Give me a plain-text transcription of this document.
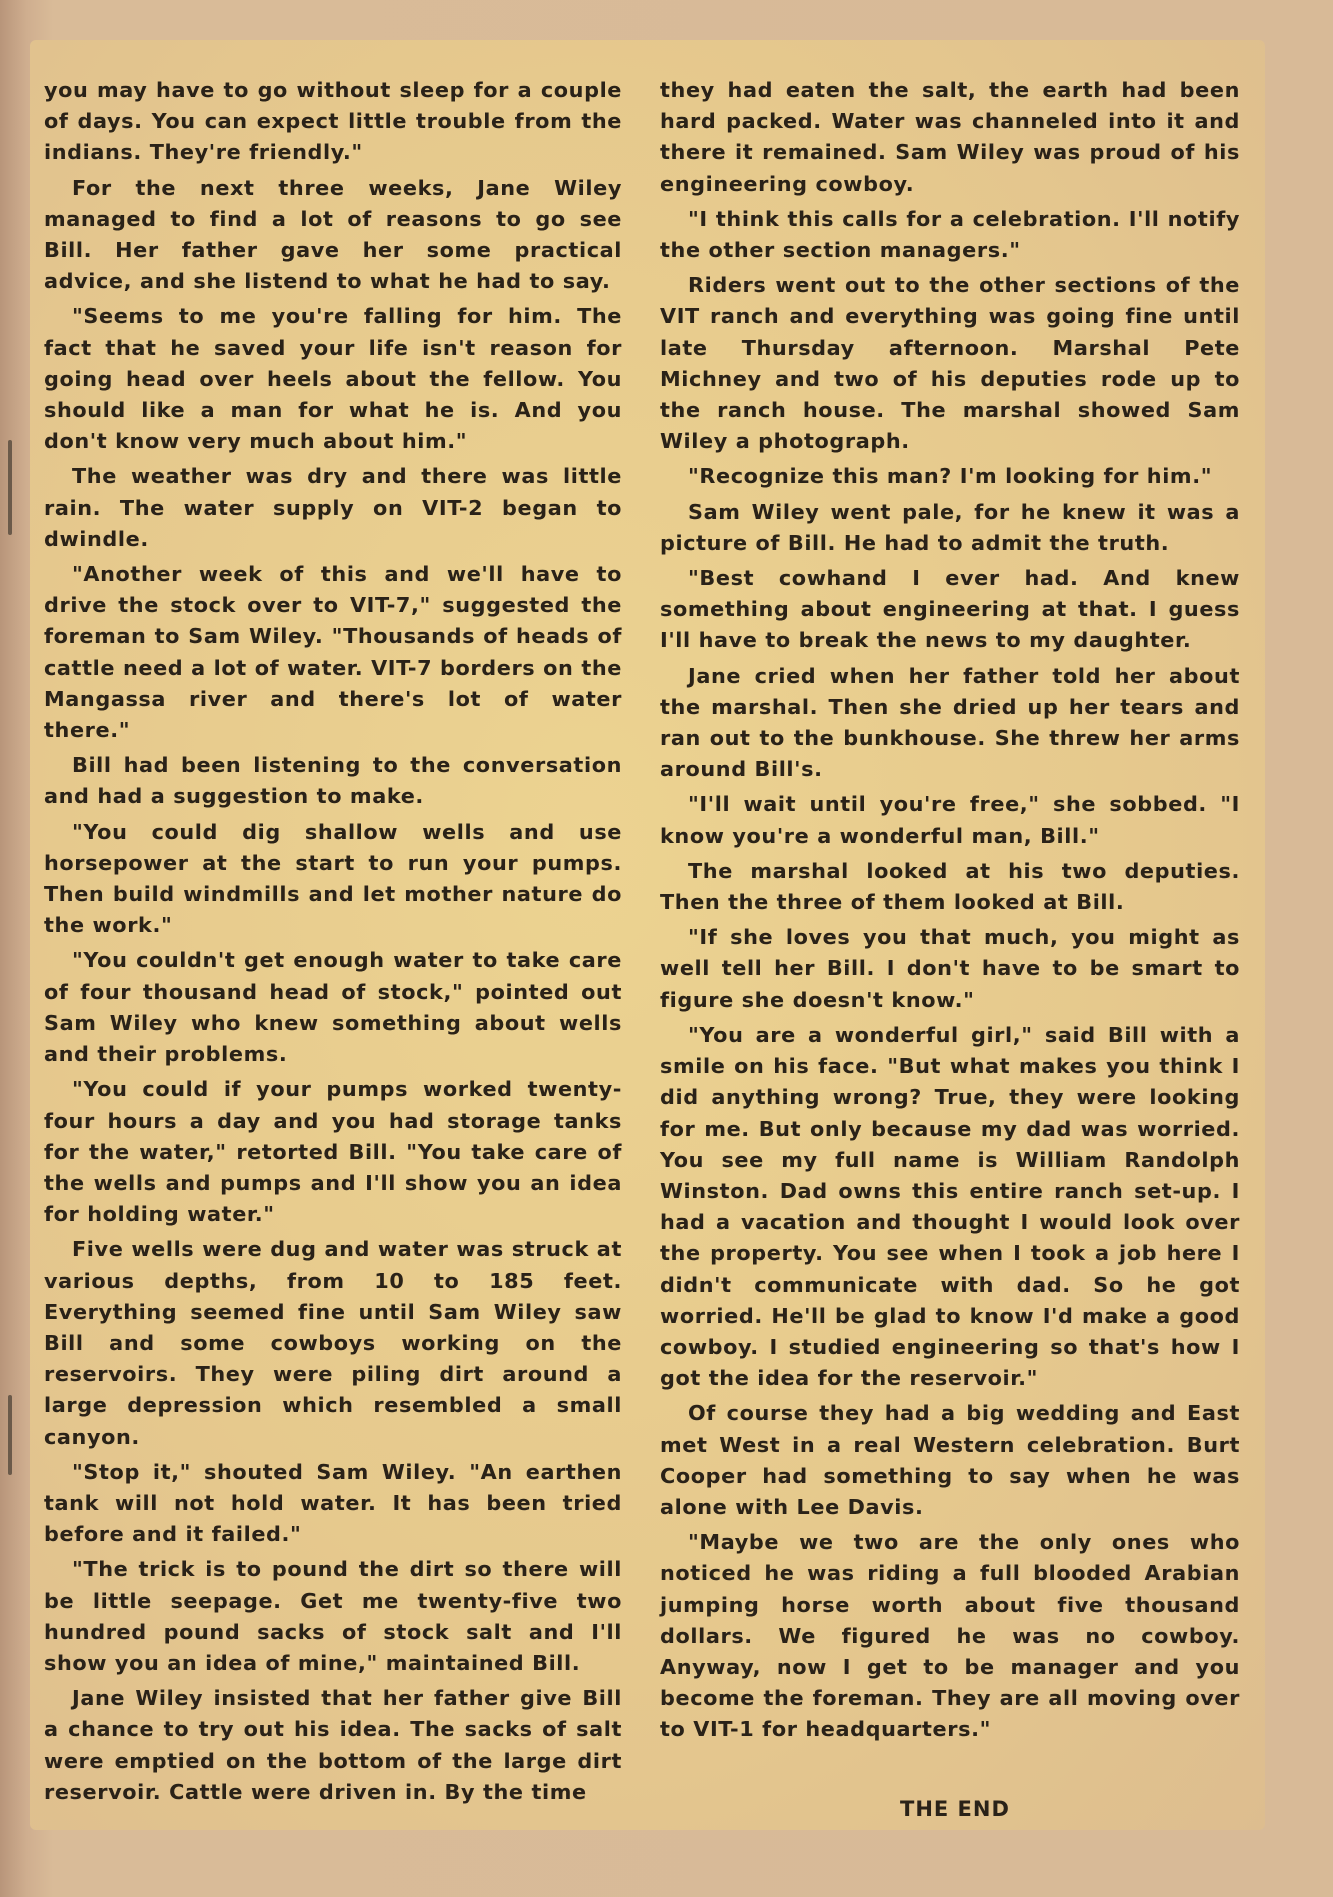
you may have to go without sleep for a couple of days. You can expect little trouble from the indians. They're friendly."

For the next three weeks, Jane Wiley managed to find a lot of reasons to go see Bill. Her father gave her some practical advice, and she listend to what he had to say.

"Seems to me you're falling for him. The fact that he saved your life isn't reason for going head over heels about the fellow. You should like a man for what he is. And you don't know very much about him."

The weather was dry and there was little rain. The water supply on VIT-2 began to dwindle.

"Another week of this and we'll have to drive the stock over to VIT-7," suggested the foreman to Sam Wiley. "Thousands of heads of cattle need a lot of water. VIT-7 borders on the Mangassa river and there's lot of water there."

Bill had been listening to the conversation and had a suggestion to make.

"You could dig shallow wells and use horsepower at the start to run your pumps. Then build windmills and let mother nature do the work."

"You couldn't get enough water to take care of four thousand head of stock," pointed out Sam Wiley who knew something about wells and their problems.

"You could if your pumps worked twenty-four hours a day and you had storage tanks for the water," retorted Bill. "You take care of the wells and pumps and I'll show you an idea for holding water."

Five wells were dug and water was struck at various depths, from 10 to 185 feet. Everything seemed fine until Sam Wiley saw Bill and some cowboys working on the reservoirs. They were piling dirt around a large depression which resembled a small canyon.

"Stop it," shouted Sam Wiley. "An earthen tank will not hold water. It has been tried before and it failed."

"The trick is to pound the dirt so there will be little seepage. Get me twenty-five two hundred pound sacks of stock salt and I'll show you an idea of mine," maintained Bill.

Jane Wiley insisted that her father give Bill a chance to try out his idea. The sacks of salt were emptied on the bottom of the large dirt reservoir. Cattle were driven in. By the time

they had eaten the salt, the earth had been hard packed. Water was channeled into it and there it remained. Sam Wiley was proud of his engineering cowboy.

"I think this calls for a celebration. I'll notify the other section managers."

Riders went out to the other sections of the VIT ranch and everything was going fine until late Thursday afternoon. Marshal Pete Michney and two of his deputies rode up to the ranch house. The marshal showed Sam Wiley a photograph.

"Recognize this man? I'm looking for him."

Sam Wiley went pale, for he knew it was a picture of Bill. He had to admit the truth.

"Best cowhand I ever had. And knew something about engineering at that. I guess I'll have to break the news to my daughter.

Jane cried when her father told her about the marshal. Then she dried up her tears and ran out to the bunkhouse. She threw her arms around Bill's.

"I'll wait until you're free," she sobbed. "I know you're a wonderful man, Bill."

The marshal looked at his two deputies. Then the three of them looked at Bill.

"If she loves you that much, you might as well tell her Bill. I don't have to be smart to figure she doesn't know."

"You are a wonderful girl," said Bill with a smile on his face. "But what makes you think I did anything wrong? True, they were looking for me. But only because my dad was worried. You see my full name is William Randolph Winston. Dad owns this entire ranch set-up. I had a vacation and thought I would look over the property. You see when I took a job here I didn't communicate with dad. So he got worried. He'll be glad to know I'd make a good cowboy. I studied engineering so that's how I got the idea for the reservoir."

Of course they had a big wedding and East met West in a real Western celebration. Burt Cooper had something to say when he was alone with Lee Davis.

"Maybe we two are the only ones who noticed he was riding a full blooded Arabian jumping horse worth about five thousand dollars. We figured he was no cowboy. Anyway, now I get to be manager and you become the foreman. They are all moving over to VIT-1 for headquarters."

THE END
